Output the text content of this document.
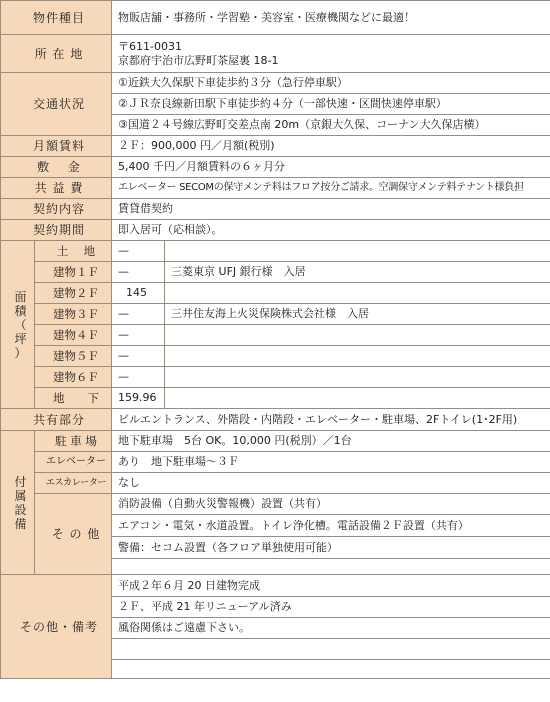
物件種目		物販店舗・事務所・学習塾・美容室・医療機関などに最適！	
所 在 地		〒611-0031
京都府宇治市広野町茶屋裏 18-1	

交通状況		①近鉄大久保駅下車徒歩約３分（急行停車駅）	
		②ＪＲ奈良線新田駅下車徒歩約４分（一部快速・区間快速停車駅）	
		③国道２４号線広野町交差点南 20m（京銀大久保、コーナン大久保店横）	
月額賃料		２Ｆ：900,000 円／月額(税別)	
敷　 金		5,400 千円／月額賃料の６ヶ月分	
共 益 費		エレベーター SECOMの保守メンテ料はフロア按分ご請求。空調保守メンテ料テナント様負担	
契約内容		賃貸借契約	
契約期間		即入居可（応相談）。	

面
積
（
坪
）	土　 地	—	
	建物１Ｆ	—	三菱東京 UFJ 銀行様　入居
	建物２Ｆ	145	
	建物３Ｆ	—	三井住友海上火災保険株式会社様　入居
	建物４Ｆ	—	
	建物５Ｆ	—	
	建物６Ｆ	—	
	地　　下	159.96	
共有部分		ビルエントランス、外階段・内階段・エレベーター・駐車場、2Fトイレ(1･2F用)	

付
属
設
備	駐 車 場	地下駐車場　5台 OK。10,000 円(税別）／1台	
	エレベーター	あり　地下駐車場～３Ｆ	
	エスカレーター	なし	
	そ の 他	消防設備（自動火災警報機）設置（共有）	
		エアコン・電気・水道設置。トイレ浄化槽。電話設備２Ｆ設置（共有）	
		警備：セコム設置（各フロア単独使用可能）	

その他・備考		平成２年６月 20 日建物完成	
		２Ｆ、平成 21 年リニューアル済み	
		風俗関係はご遠慮下さい。	
